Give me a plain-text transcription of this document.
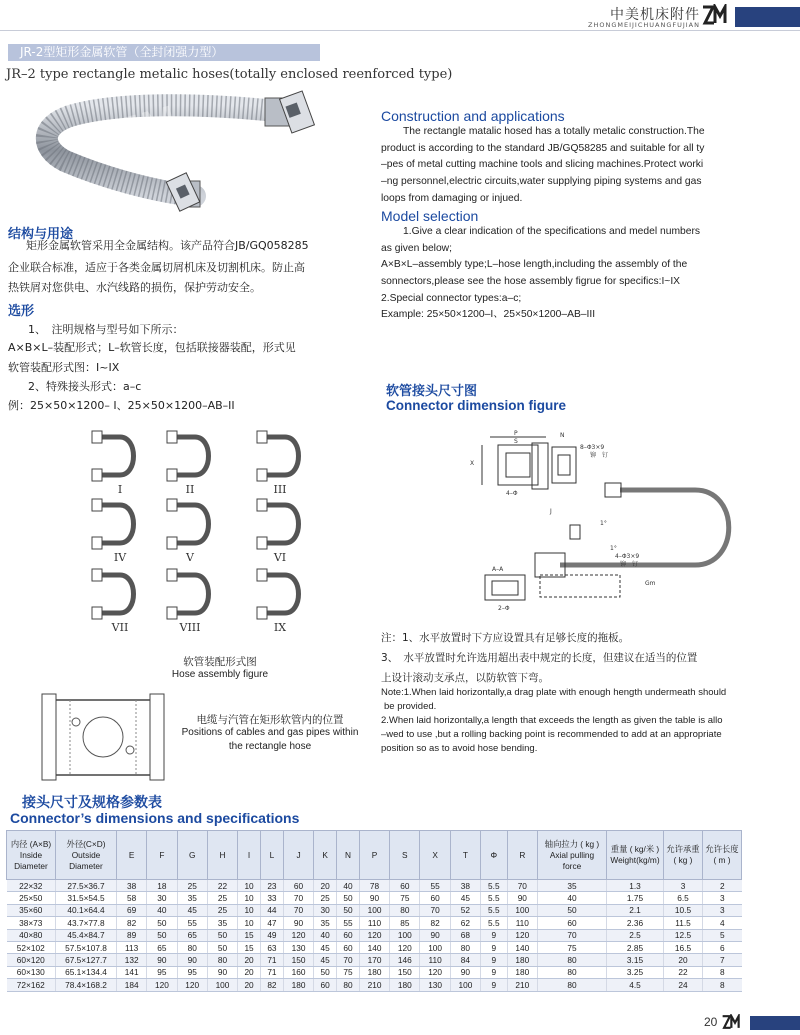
中美机床附件
ZHONGMEIJICHUANGFUJIAN
JR-2型矩形金属软管（全封闭强力型）
JR–2 type rectangle metalic hoses(totally enclosed reenforced type)
ZM
结构与用途
矩形金属软管采用全金属结构。该产品符合JB/GQ058285
企业联合标准，适应于各类金属切屑机床及切割机床。防止高
热铁屑对您供电、水汽线路的损伤，保护劳动安全。
选形
1、　注明规格与型号如下所示：
A×B×L–装配形式；L–软管长度，包括联接器装配，形式见
软管装配形式图：I~IX
2、特殊接头形式：a–c
例：25×50×1200– I、25×50×1200–AB–II
I	II	III
IV	V	VI
VII	VIII	IX
软管装配形式图
Hose assembly figure
电缆与汽管在矩形软管内的位置
Positions of cables and gas pipes within
the rectangle hose
Construction and applications
The rectangle matalic hosed has a totally metalic construction.The
product is according to the standard JB/GQ58285 and suitable for all ty
–pes of metal cutting machine tools and slicing machines.Protect worki
–ng personnel,electric circuits,water supplying piping systems and gas
loops from damaging or injued.
Model selection
1.Give a clear indication of the specifications and medel numbers
as given below;
A×B×L–assembly type;L–hose length,including the assembly of the
sonnectors,please see the hose assembly figrue for specifics:I~IX
2.Special connector types:a–c;
Example: 25×50×1200–I、25×50×1200–AB–III
软管接头尺寸图
Connector dimension figure
P
S
N
8–Φ3×9
铆　钉
X
4–Φ
J
1°
1°
4–Φ3×9
铆　钉
A–A
2–Φ
Gm
注：1、水平放置时下方应设置具有足够长度的拖板。
3、　水平放置时允许选用超出表中规定的长度，但建议在适当的位置
上设计滚动支承点，以防软管下弯。
Note:1.When laid horizontally,a drag plate with enough hength undermeath should
be provided.
2.When laid horizontally,a length that exceeds the length as given the table is allo
–wed to use ,but a rolling backing point is recommended to add at an appropriate
position so as to avoid hose bending.
接头尺寸及规格参数表
Connector’s dimensions and specifications
内径 (A×B) Inside Diameter	外径(C×D) Outside Diameter	E	F	G	H	I	L	J	K	N	P	S	X	T	Φ	R	轴向拉力 ( kg ) Axial pulling force	重量 ( kg/米 ) Weight(kg/m)	允许承重 ( kg )	允许长度 ( m )
22×32	27.5×36.7	38	18	25	22	10	23	60	20	40	78	60	55	38	5.5	70	35	1.3	3	2
25×50	31.5×54.5	58	30	35	25	10	33	70	25	50	90	75	60	45	5.5	90	40	1.75	6.5	3
35×60	40.1×64.4	69	40	45	25	10	44	70	30	50	100	80	70	52	5.5	100	50	2.1	10.5	3
38×73	43.7×77.8	82	50	55	35	10	47	90	35	55	110	85	82	62	5.5	110	60	2.36	11.5	4
40×80	45.4×84.7	89	50	65	50	15	49	120	40	60	120	100	90	68	9	120	70	2.5	12.5	5
52×102	57.5×107.8	113	65	80	50	15	63	130	45	60	140	120	100	80	9	140	75	2.85	16.5	6
60×120	67.5×127.7	132	90	90	80	20	71	150	45	70	170	146	110	84	9	180	80	3.15	20	7
60×130	65.1×134.4	141	95	95	90	20	71	160	50	75	180	150	120	90	9	180	80	3.25	22	8
72×162	78.4×168.2	184	120	120	100	20	82	180	60	80	210	180	130	100	9	210	80	4.5	24	8
20
